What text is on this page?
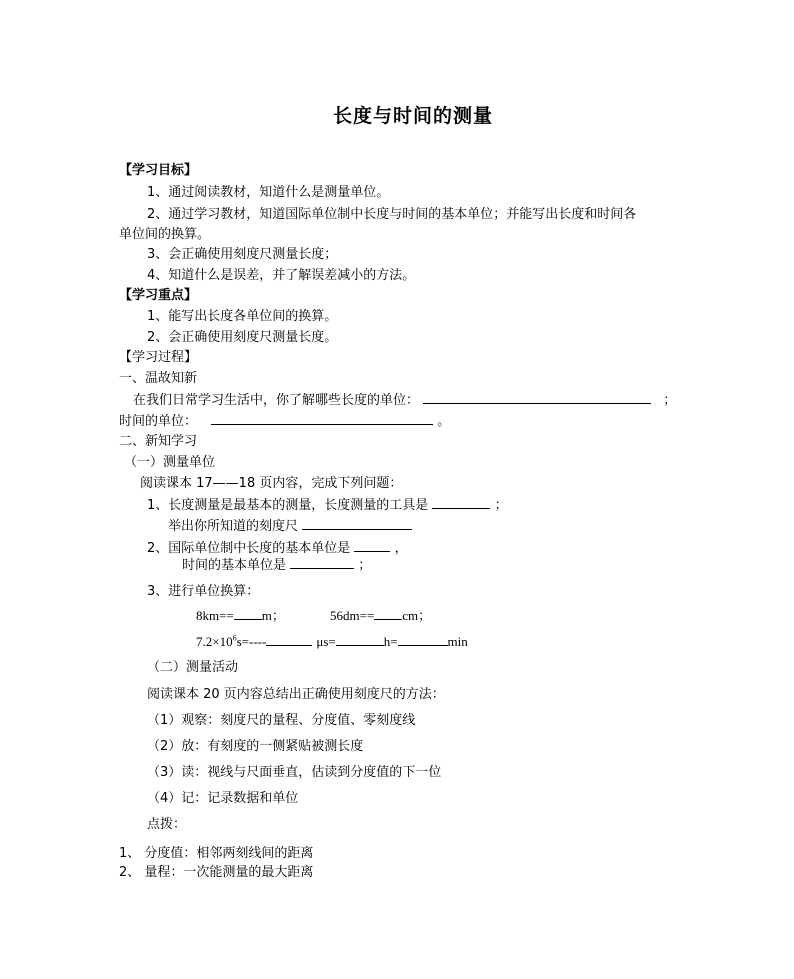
长度与时间的测量
【学习目标】
1、通过阅读教材，知道什么是测量单位。
2、通过学习教材，知道国际单位制中长度与时间的基本单位；并能写出长度和时间各
单位间的换算。
3、会正确使用刻度尺测量长度；
4、知道什么是误差，并了解误差减小的方法。
【学习重点】
1、能写出长度各单位间的换算。
2、会正确使用刻度尺测量长度。
【学习过程】
一、温故知新
在我们日常学习生活中，你了解哪些长度的单位：	；
时间的单位：	。
二、新知学习
（一）测量单位
阅读课本 17——18 页内容，完成下列问题：
1、长度测量是最基本的测量，长度测量的工具是	；
举出你所知道的刻度尺
2、国际单位制中长度的基本单位是	，
时间的基本单位是	；
3、进行单位换算：
8km== m；	56dm== cm；
$7.2\times 10^6s=----$	μs=	h=	min
（二）测量活动
阅读课本 20 页内容总结出正确使用刻度尺的方法：
（1）观察：刻度尺的量程、分度值、零刻度线
（2）放：有刻度的一侧紧贴被测长度
（3）读：视线与尺面垂直，估读到分度值的下一位
（4）记：记录数据和单位
点拨：
1、 分度值：相邻两刻线间的距离
2、 量程：一次能测量的最大距离
